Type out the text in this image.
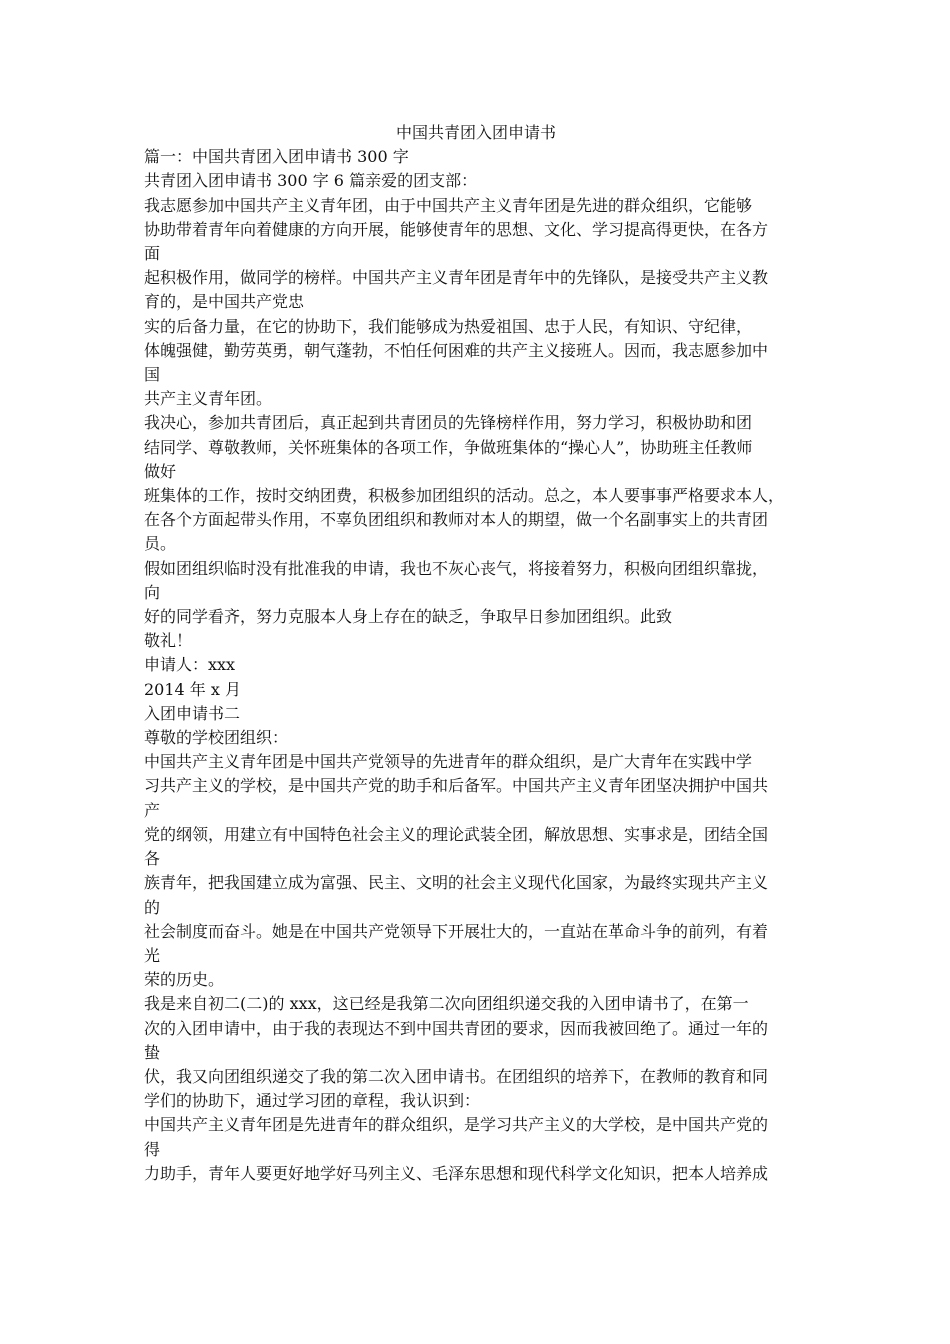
中国共青团入团申请书
篇一：中国共青团入团申请书 300 字
共青团入团申请书 300 字 6 篇亲爱的团支部：
我志愿参加中国共产主义青年团，由于中国共产主义青年团是先进的群众组织，它能够
协助带着青年向着健康的方向开展，能够使青年的思想、文化、学习提高得更快，在各方
面
起积极作用，做同学的榜样。中国共产主义青年团是青年中的先锋队，是接受共产主义教
育的，是中国共产党忠
实的后备力量，在它的协助下，我们能够成为热爱祖国、忠于人民，有知识、守纪律，
体魄强健，勤劳英勇，朝气蓬勃，不怕任何困难的共产主义接班人。因而，我志愿参加中
国
共产主义青年团。
我决心，参加共青团后，真正起到共青团员的先锋榜样作用，努力学习，积极协助和团
结同学、尊敬教师，关怀班集体的各项工作，争做班集体的“操心人”，协助班主任教师
做好
班集体的工作，按时交纳团费，积极参加团组织的活动。总之，本人要事事严格要求本人，
在各个方面起带头作用，不辜负团组织和教师对本人的期望，做一个名副事实上的共青团
员。
假如团组织临时没有批准我的申请，我也不灰心丧气，将接着努力，积极向团组织靠拢，
向
好的同学看齐，努力克服本人身上存在的缺乏，争取早日参加团组织。此致
敬礼！
申请人：xxx
2014 年 x 月
入团申请书二
尊敬的学校团组织：
中国共产主义青年团是中国共产党领导的先进青年的群众组织，是广大青年在实践中学
习共产主义的学校，是中国共产党的助手和后备军。中国共产主义青年团坚决拥护中国共
产
党的纲领，用建立有中国特色社会主义的理论武装全团，解放思想、实事求是，团结全国
各
族青年，把我国建立成为富强、民主、文明的社会主义现代化国家，为最终实现共产主义
的
社会制度而奋斗。她是在中国共产党领导下开展壮大的，一直站在革命斗争的前列，有着
光
荣的历史。
我是来自初二(二)的 xxx，这已经是我第二次向团组织递交我的入团申请书了，在第一
次的入团申请中，由于我的表现达不到中国共青团的要求，因而我被回绝了。通过一年的
蛰
伏，我又向团组织递交了我的第二次入团申请书。在团组织的培养下，在教师的教育和同
学们的协助下，通过学习团的章程，我认识到：
中国共产主义青年团是先进青年的群众组织，是学习共产主义的大学校，是中国共产党的
得
力助手，青年人要更好地学好马列主义、毛泽东思想和现代科学文化知识，把本人培养成
